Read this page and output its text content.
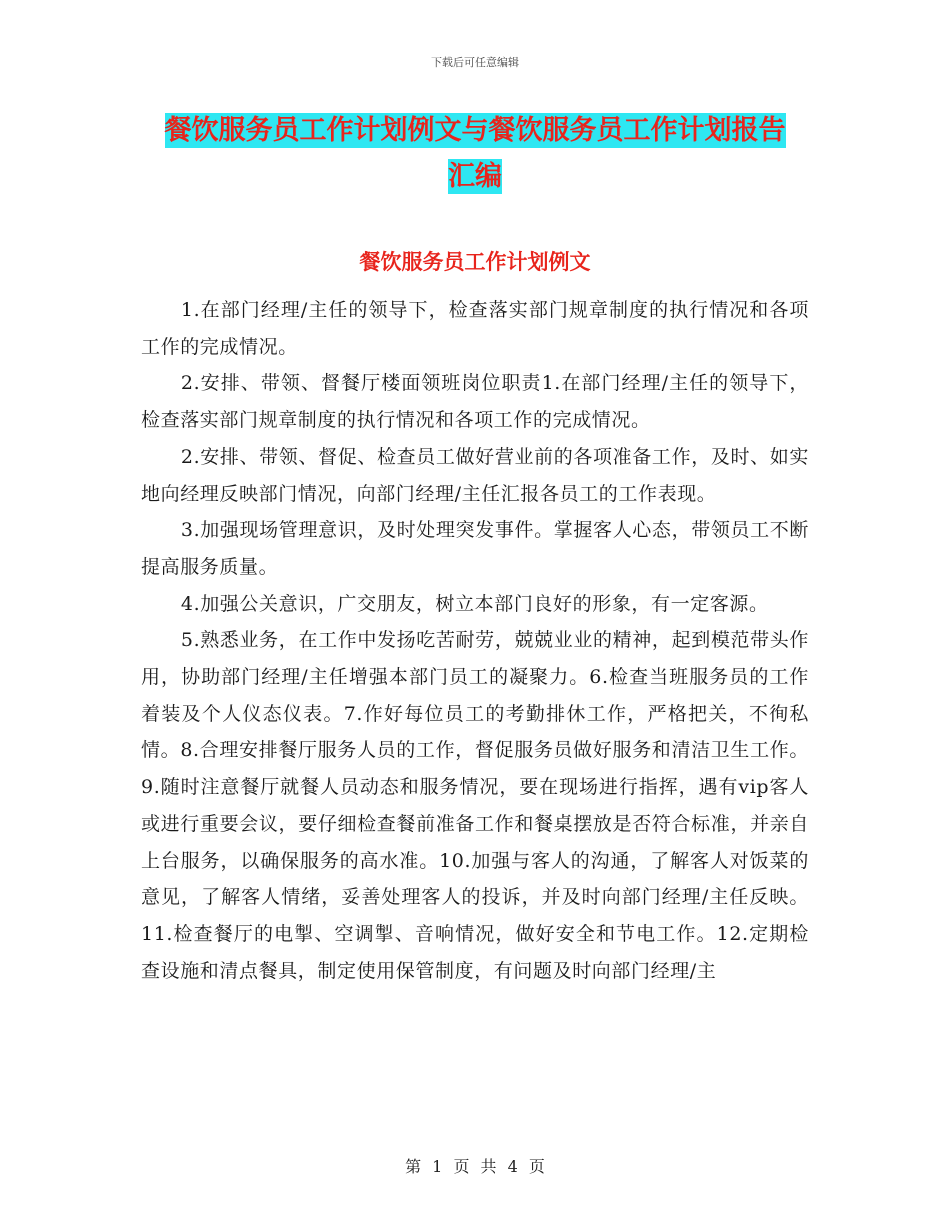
下载后可任意编辑
餐饮服务员工作计划例文与餐饮服务员工作计划报告
汇编
餐饮服务员工作计划例文

1.在部门经理/主任的领导下，检查落实部门规章制度的执行情况和各项工作的完成情况。

2.安排、带领、督餐厅楼面领班岗位职责1.在部门经理/主任的领导下，检查落实部门规章制度的执行情况和各项工作的完成情况。

2.安排、带领、督促、检查员工做好营业前的各项准备工作，及时、如实地向经理反映部门情况，向部门经理/主任汇报各员工的工作表现。

3.加强现场管理意识，及时处理突发事件。掌握客人心态，带领员工不断提高服务质量。

4.加强公关意识，广交朋友，树立本部门良好的形象，有一定客源。

5.熟悉业务，在工作中发扬吃苦耐劳，兢兢业业的精神，起到模范带头作用，协助部门经理/主任增强本部门员工的凝聚力。6.检查当班服务员的工作着装及个人仪态仪表。7.作好每位员工的考勤排休工作，严格把关，不徇私情。8.合理安排餐厅服务人员的工作，督促服务员做好服务和清洁卫生工作。9.随时注意餐厅就餐人员动态和服务情况，要在现场进行指挥，遇有vip客人或进行重要会议，要仔细检查餐前准备工作和餐桌摆放是否符合标准，并亲自上台服务，以确保服务的高水准。10.加强与客人的沟通，了解客人对饭菜的意见，了解客人情绪，妥善处理客人的投诉，并及时向部门经理/主任反映。11.检查餐厅的电掣、空调掣、音响情况，做好安全和节电工作。12.定期检查设施和清点餐具，制定使用保管制度，有问题及时向部门经理/主

第 1 页 共 4 页
